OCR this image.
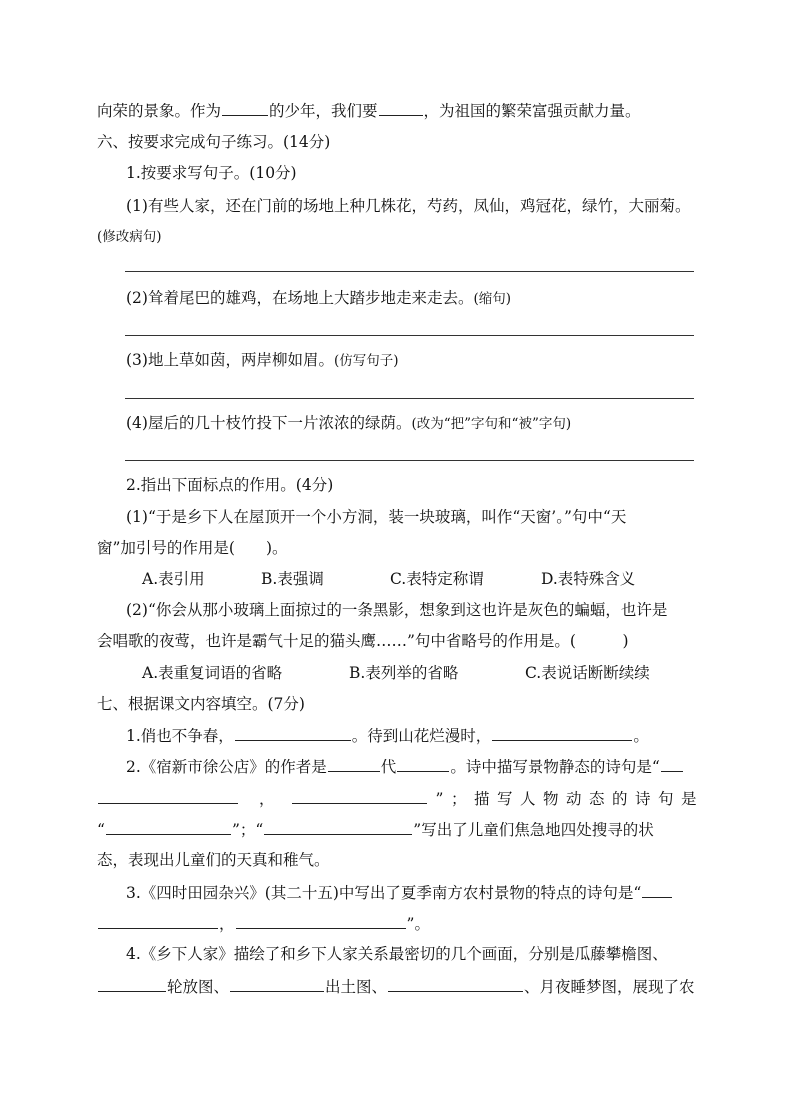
向荣的景象。作为	的少年，我们要	，为祖国的繁荣富强贡献力量。
六、按要求完成句子练习。(14分)
1.按要求写句子。(10分)
(1)有些人家，还在门前的场地上种几株花，芍药，凤仙，鸡冠花，绿竹，大丽菊。
(修改病句)
(2)耸着尾巴的雄鸡，在场地上大踏步地走来走去。(缩句)
(3)地上草如茵，两岸柳如眉。(仿写句子)
(4)屋后的几十枝竹投下一片浓浓的绿荫。(改为“把”字句和“被”字句)
2.指出下面标点的作用。(4分)
(1)“于是乡下人在屋顶开一个小方洞，装一块玻璃，叫作“天窗’。”句中“天
窗”加引号的作用是(　　)。
A.表引用	B.表强调	C.表特定称谓	D.表特殊含义
(2)“你会从那小玻璃上面掠过的一条黑影，想象到这也许是灰色的蝙蝠，也许是
会唱歌的夜莺，也许是霸气十足的猫头鹰……”句中省略号的作用是。(　　　)
A.表重复词语的省略	B.表列举的省略	C.表说话断断续续
七、根据课文内容填空。(7分)
1.俏也不争春，	。待到山花烂漫时，	。
2.《宿新市徐公店》的作者是	代	。诗中描写景物静态的诗句是“
，	”；描写人物动态的诗句是
“	”；“	”写出了儿童们焦急地四处搜寻的状
态，表现出儿童们的天真和稚气。
3.《四时田园杂兴》(其二十五)中写出了夏季南方农村景物的特点的诗句是“
，	”。
4.《乡下人家》描绘了和乡下人家关系最密切的几个画面，分别是瓜藤攀檐图、
轮放图、	出土图、	、月夜睡梦图，展现了农
